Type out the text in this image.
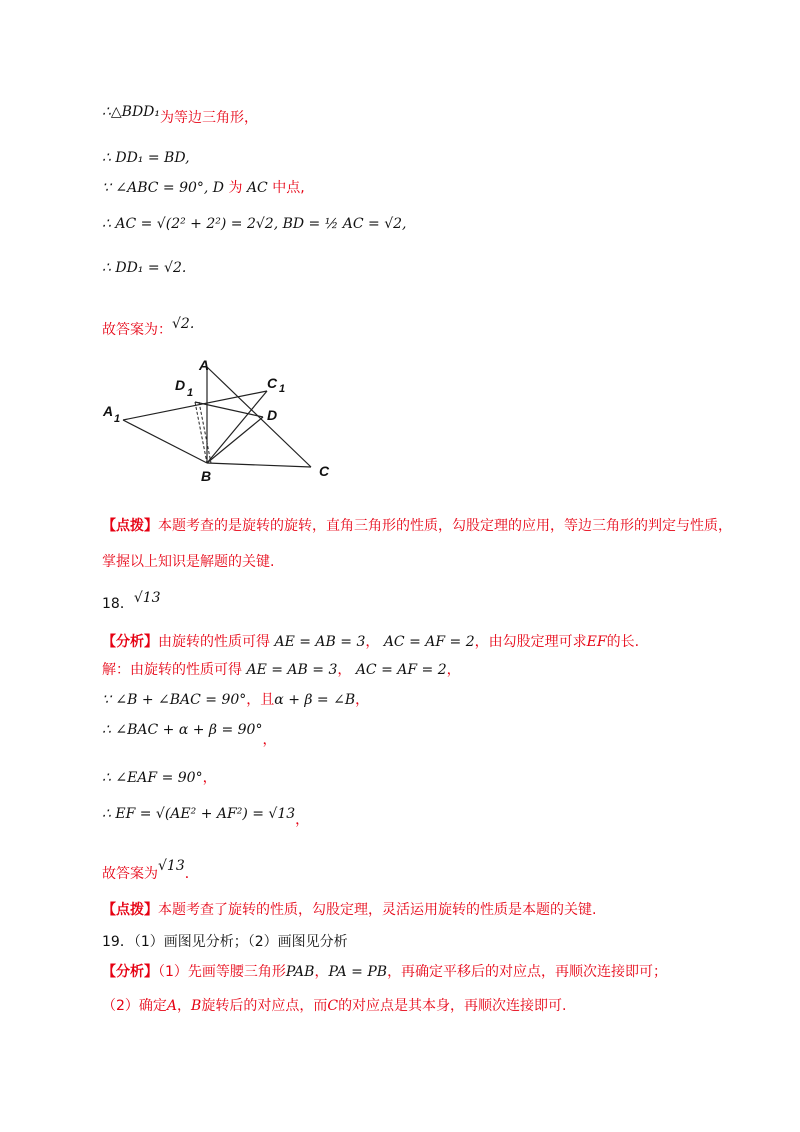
∴△BDD₁为等边三角形，
∴ DD₁ = BD,
∵ ∠ABC = 90°, D 为 AC 中点,
∴ AC = √(2² + 2²) = 2√2, BD = ½ AC = √2,
∴ DD₁ = √2.
故答案为：√2.
A
A 1
B	C
C 1
D
D 1
【点拨】本题考查的是旋转的旋转，直角三角形的性质，勾股定理的应用，等边三角形的判定与性质，
掌握以上知识是解题的关键.
18．√13
【分析】由旋转的性质可得 AE = AB = 3， AC = AF = 2，由勾股定理可求EF的长.
解：由旋转的性质可得 AE = AB = 3， AC = AF = 2，
∵ ∠B + ∠BAC = 90°，且α + β = ∠B，
∴ ∠BAC + α + β = 90°，
∴ ∠EAF = 90°，
∴ EF = √(AE² + AF²) = √13，
故答案为√13．
【点拨】本题考查了旋转的性质，勾股定理，灵活运用旋转的性质是本题的关键.
19．（1）画图见分析；（2）画图见分析
【分析】（1）先画等腰三角形PAB，PA = PB，再确定平移后的对应点，再顺次连接即可；
（2）确定A，B旋转后的对应点，而C的对应点是其本身，再顺次连接即可.
